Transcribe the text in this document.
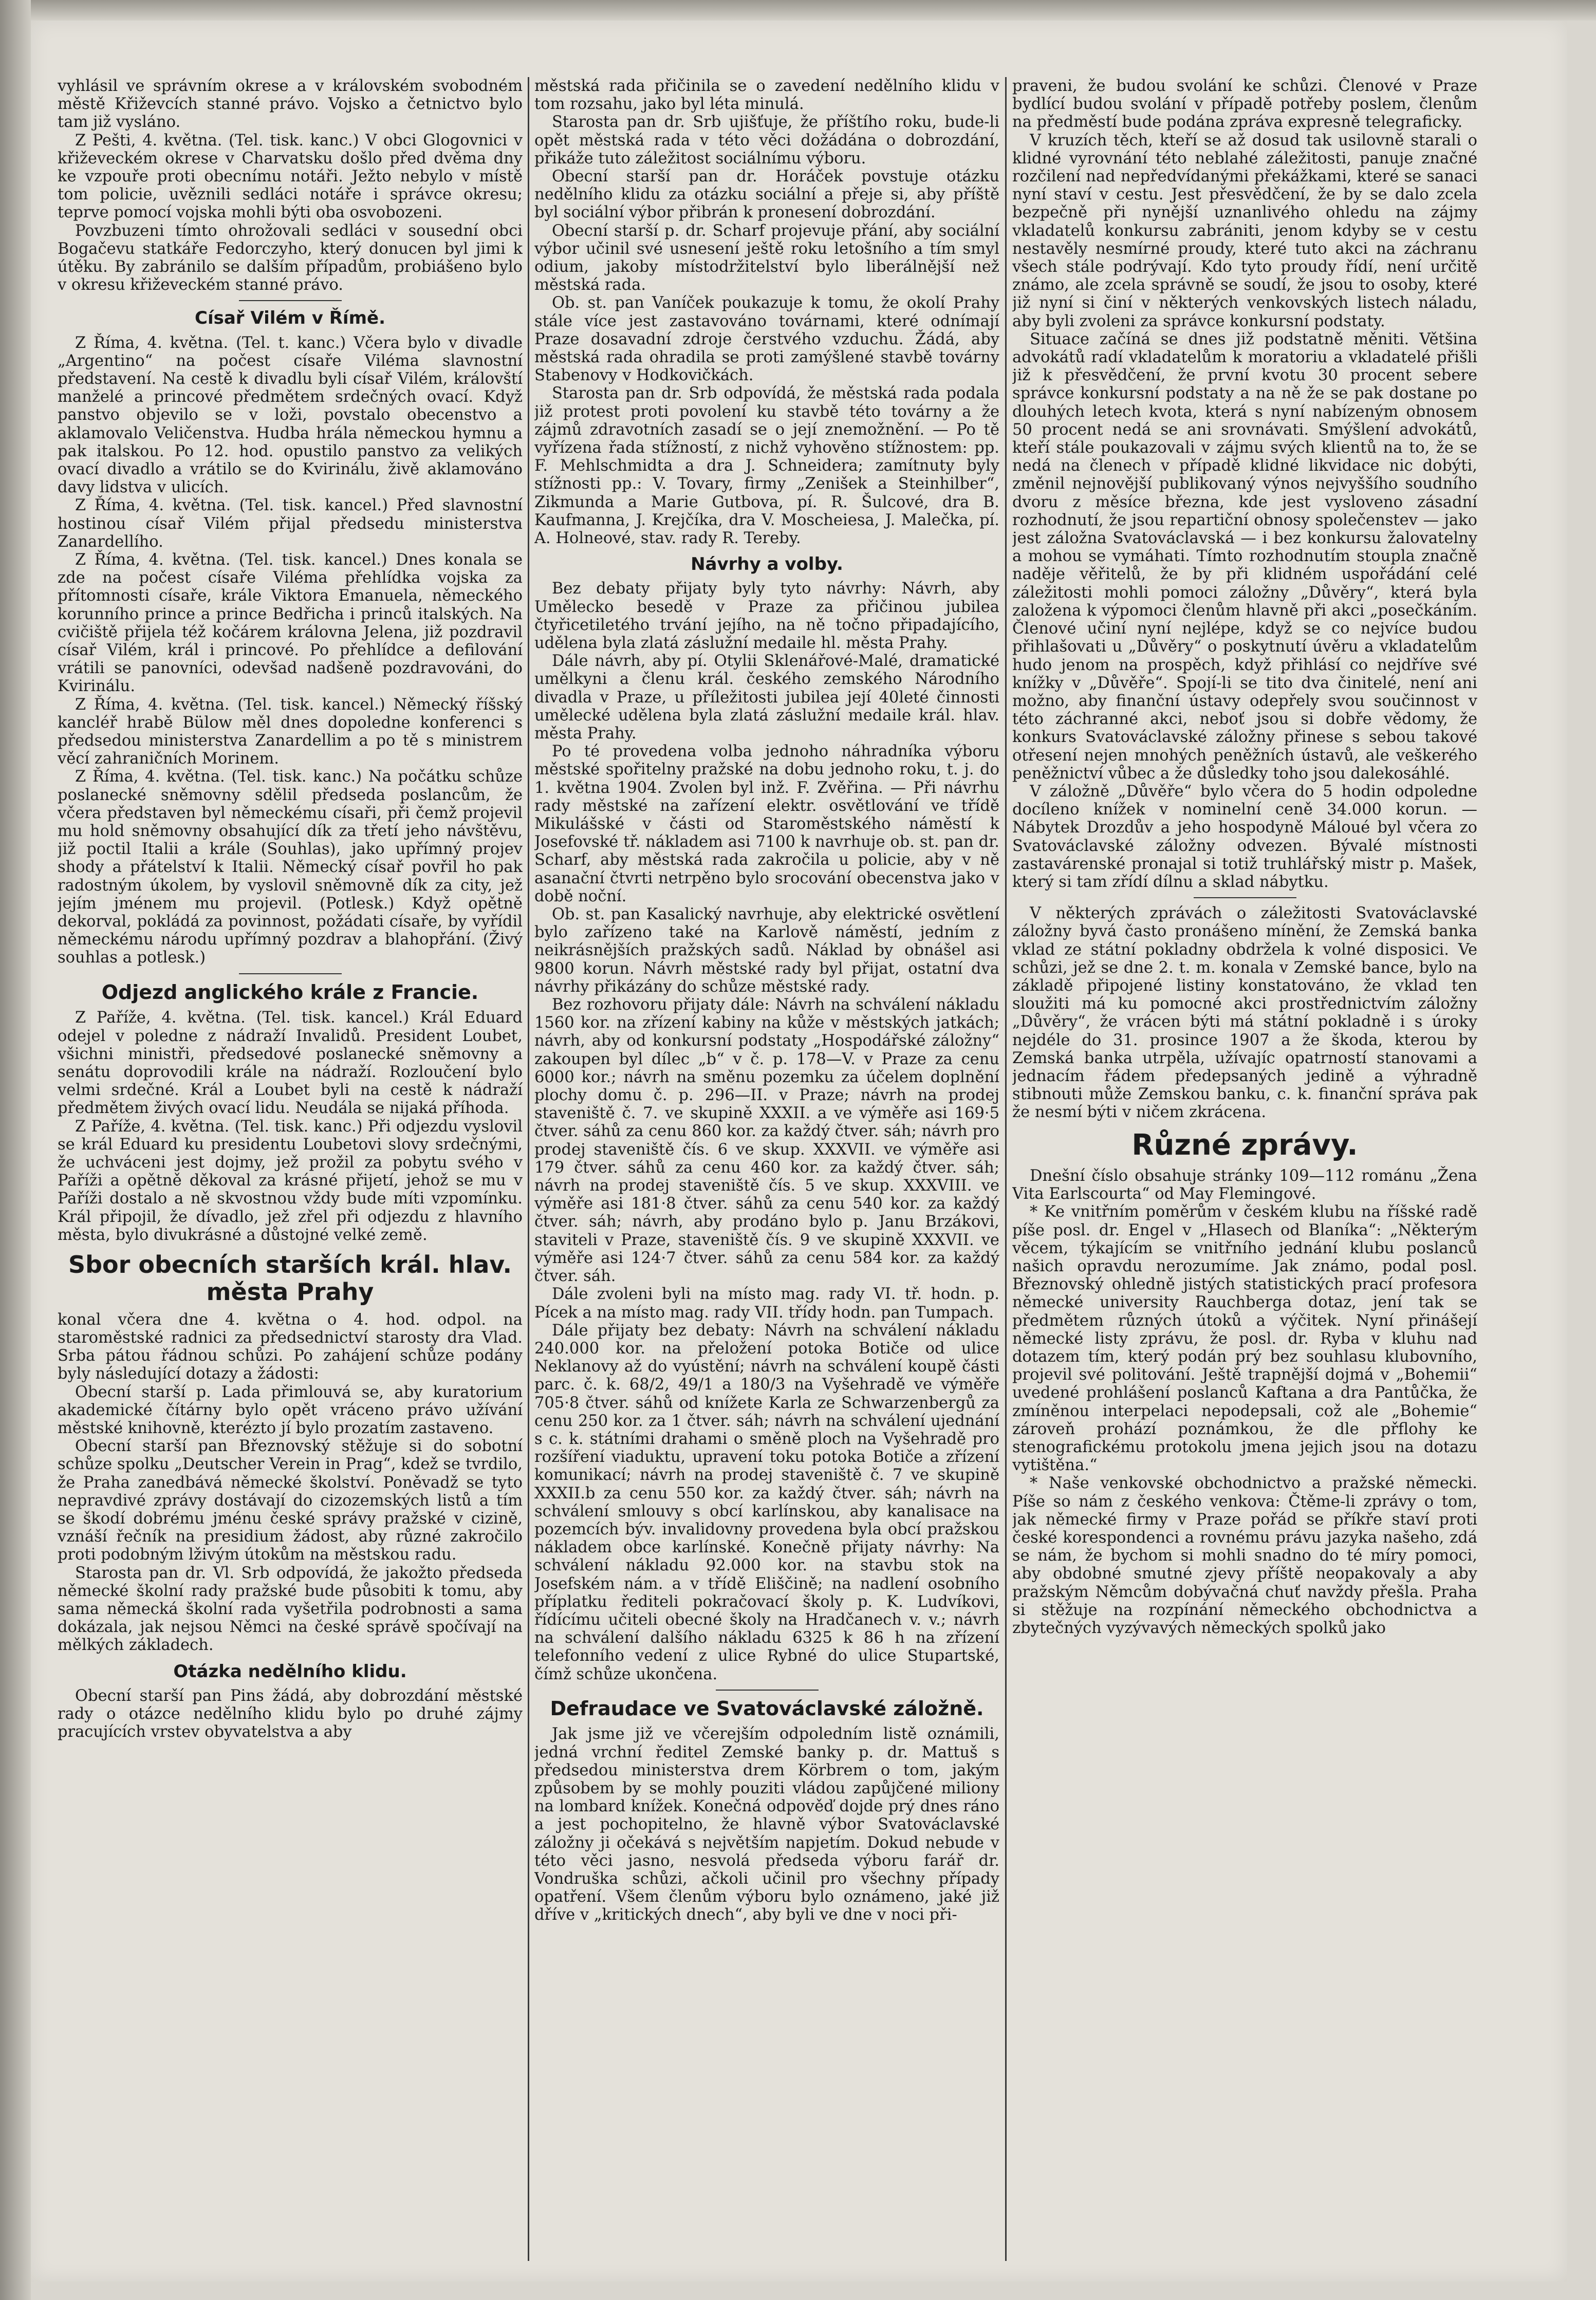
vyhlásil ve správním okrese a v královském svobodném městě Křiževcích stanné právo. Vojsko a četnictvo bylo tam již vysláno.

Z Pešti, 4. května. (Tel. tisk. kanc.) V obci Glogovnici v křiževeckém okrese v Charvatsku došlo před dvěma dny ke vzpouře proti obecnímu notáři. Ježto nebylo v místě tom policie, uvěznili sedláci notáře i správce okresu; teprve pomocí vojska mohli býti oba osvobozeni.

Povzbuzeni tímto ohrožovali sedláci v sousední obci Bogačevu statkáře Fedorczyho, který donucen byl jimi k útěku. By zabránilo se dalším případům, probiášeno bylo v okresu křiževeckém stanné právo.

Císař Vilém v Římě.

Z Říma, 4. května. (Tel. t. kanc.) Včera bylo v divadle „Argentino“ na počest císaře Viléma slavnostní představení. Na cestě k divadlu byli císař Vilém, královští manželé a princové předmětem srdečných ovací. Když panstvo objevilo se v loži, povstalo obecenstvo a aklamovalo Veličenstva. Hudba hrála německou hymnu a pak italskou. Po 12. hod. opustilo panstvo za velikých ovací divadlo a vrátilo se do Kvirinálu, živě aklamováno davy lidstva v ulicích.

Z Říma, 4. května. (Tel. tisk. kancel.) Před slavnostní hostinou císař Vilém přijal předsedu ministerstva Zanardellího.

Z Říma, 4. května. (Tel. tisk. kancel.) Dnes konala se zde na počest císaře Viléma přehlídka vojska za přítomnosti císaře, krále Viktora Emanuela, německého korunního prince a prince Bedřicha i princů italských. Na cvičiště přijela též kočárem královna Jelena, již pozdravil císař Vilém, král i princové. Po přehlídce a defilování vrátili se panovníci, odevšad nadšeně pozdravováni, do Kvirinálu.

Z Říma, 4. května. (Tel. tisk. kancel.) Německý říšský kancléř hrabě Bülow měl dnes dopoledne konferenci s předsedou ministerstva Zanardellim a po tě s ministrem věcí zahraničních Morinem.

Z Říma, 4. května. (Tel. tisk. kanc.) Na počátku schůze poslanecké sněmovny sdělil předseda poslancům, že včera představen byl německému císaři, při čemž projevil mu hold sněmovny obsahující dík za třetí jeho návštěvu, již poctil Italii a krále (Souhlas), jako upřímný projev shody a přátelství k Italii. Německý císař povřil ho pak radostným úkolem, by vyslovil sněmovně dík za city, jež jejím jménem mu projevil. (Potlesk.) Když opětně dekorval, pokládá za povinnost, požádati císaře, by vyřídil německému národu upřímný pozdrav a blahopřání. (Živý souhlas a potlesk.)

Odjezd anglického krále z Francie.

Z Paříže, 4. května. (Tel. tisk. kancel.) Král Eduard odejel v poledne z nádraží Invalidů. President Loubet, všichni ministři, předsedové poslanecké sněmovny a senátu doprovodili krále na nádraží. Rozloučení bylo velmi srdečné. Král a Loubet byli na cestě k nádraží předmětem živých ovací lidu. Neudála se nijaká příhoda.

Z Paříže, 4. května. (Tel. tisk. kanc.) Při odjezdu vyslovil se král Eduard ku presidentu Loubetovi slovy srdečnými, že uchváceni jest dojmy, jež prožil za pobytu svého v Paříži a opětně děkoval za krásné přijetí, jehož se mu v Paříži dostalo a ně skvostnou vždy bude míti vzpomínku. Král připojil, že dívadlo, jež zřel při odjezdu z hlavního města, bylo divukrásné a důstojné velké země.

Sbor obecních starších král. hlav. města Prahy

konal včera dne 4. května o 4. hod. odpol. na staroměstské radnici za předsednictví starosty dra Vlad. Srba pátou řádnou schůzi. Po zahájení schůze podány byly následující dotazy a žádosti:

Obecní starší p. Lada přimlouvá se, aby kuratorium akademické čítárny bylo opět vráceno právo užívání městské knihovně, kterézto jí bylo prozatím zastaveno.

Obecní starší pan Březnovský stěžuje si do sobotní schůze spolku „Deutscher Verein in Prag“, kdež se tvrdilo, že Praha zanedbává německé školství. Poněvadž se tyto nepravdivé zprávy dostávají do cizozemských listů a tím se škodí dobrému jménu české správy pražské v cizině, vznáší řečník na presidium žádost, aby různé zakročilo proti podobným lživým útokům na městskou radu.

Starosta pan dr. Vl. Srb odpovídá, že jakožto předseda německé školní rady pražské bude působiti k tomu, aby sama německá školní rada vyšetřila podrobnosti a sama dokázala, jak nejsou Němci na české správě spočívají na mělkých základech.

Otázka nedělního klidu.

Obecní starší pan Pins žádá, aby dobrozdání městské rady o otázce nedělního klidu bylo po druhé zájmy pracujících vrstev obyvatelstva a aby

městská rada přičinila se o zavedení nedělního klidu v tom rozsahu, jako byl léta minulá.

Starosta pan dr. Srb ujišťuje, že příštího roku, bude-li opět městská rada v této věci dožádána o dobrozdání, přikáže tuto záležitost sociálnímu výboru.

Obecní starší pan dr. Horáček povstuje otázku nedělního klidu za otázku sociální a přeje si, aby příště byl sociální výbor přibrán k pronesení dobrozdání.

Obecní starší p. dr. Scharf projevuje přání, aby sociální výbor učinil své usnesení ještě roku letošního a tím smyl odium, jakoby místodržitelství bylo liberálnější než městská rada.

Ob. st. pan Vaníček poukazuje k tomu, že okolí Prahy stále více jest zastavováno továrnami, které odnímají Praze dosavadní zdroje čerstvého vzduchu. Žádá, aby městská rada ohradila se proti zamýšlené stavbě továrny Stabenovy v Hodkovičkách.

Starosta pan dr. Srb odpovídá, že městská rada podala již protest proti povolení ku stavbě této továrny a že zájmů zdravotních zasadí se o její znemožnění. — Po tě vyřízena řada stížností, z nichž vyhověno stížnostem: pp. F. Mehlschmidta a dra J. Schneidera; zamítnuty byly stížnosti pp.: V. Tovary, firmy „Zenišek a Steinhilber“, Zikmunda a Marie Gutbova, pí. R. Šulcové, dra B. Kaufmanna, J. Krejčíka, dra V. Moscheiesa, J. Malečka, pí. A. Holneové, stav. rady R. Tereby.

Návrhy a volby.

Bez debaty přijaty byly tyto návrhy: Návrh, aby Umělecko besedě v Praze za přičinou jubilea čtyřicetiletého trvání jejího, na ně točno připadajícího, udělena byla zlatá záslužní medaile hl. města Prahy.

Dále návrh, aby pí. Otylii Sklenářové-Malé, dramatické umělkyni a členu král. českého zemského Národního divadla v Praze, u příležitosti jubilea její 40leté činnosti umělecké udělena byla zlatá záslužní medaile král. hlav. města Prahy.

Po té provedena volba jednoho náhradníka výboru městské spořitelny pražské na dobu jednoho roku, t. j. do 1. května 1904. Zvolen byl inž. F. Zvěřina. — Při návrhu rady městské na zařízení elektr. osvětlování ve třídě Mikulášské v části od Staroměstského náměstí k Josefovské tř. nákladem asi 7100 k navrhuje ob. st. pan dr. Scharf, aby městská rada zakročila u policie, aby v ně asanační čtvrti netrpěno bylo srocování obecenstva jako v době noční.

Ob. st. pan Kasalický navrhuje, aby elektrické osvětlení bylo zařízeno také na Karlově náměstí, jedním z neikrásnějších pražských sadů. Náklad by obnášel asi 9800 korun. Návrh městské rady byl přijat, ostatní dva návrhy přikázány do schůze městské rady.

Bez rozhovoru přijaty dále: Návrh na schválení nákladu 1560 kor. na zřízení kabiny na kůže v městských jatkách; návrh, aby od konkursní podstaty „Hospodářské záložny“ zakoupen byl dílec „b“ v č. p. 178—V. v Praze za cenu 6000 kor.; návrh na směnu pozemku za účelem doplnění plochy domu č. p. 296—II. v Praze; návrh na prodej staveniště č. 7. ve skupině XXXII. a ve výměře asi 169·5 čtver. sáhů za cenu 860 kor. za každý čtver. sáh; návrh pro prodej staveniště čís. 6 ve skup. XXXVII. ve výměře asi 179 čtver. sáhů za cenu 460 kor. za každý čtver. sáh; návrh na prodej staveniště čís. 5 ve skup. XXXVIII. ve výměře asi 181·8 čtver. sáhů za cenu 540 kor. za každý čtver. sáh; návrh, aby prodáno bylo p. Janu Brzákovi, staviteli v Praze, staveniště čís. 9 ve skupině XXXVII. ve výměře asi 124·7 čtver. sáhů za cenu 584 kor. za každý čtver. sáh.

Dále zvoleni byli na místo mag. rady VI. tř. hodn. p. Pícek a na místo mag. rady VII. třídy hodn. pan Tumpach.

Dále přijaty bez debaty: Návrh na schválení nákladu 240.000 kor. na přeložení potoka Botiče od ulice Neklanovy až do vyústění; návrh na schválení koupě části parc. č. k. 68/2, 49/1 a 180/3 na Vyšehradě ve výměře 705·8 čtver. sáhů od knížete Karla ze Schwarzenbergů za cenu 250 kor. za 1 čtver. sáh; návrh na schválení ujednání s c. k. státními drahami o směně ploch na Vyšehradě pro rozšíření viaduktu, upravení toku potoka Botiče a zřízení komunikací; návrh na prodej staveniště č. 7 ve skupině XXXII.b za cenu 550 kor. za každý čtver. sáh; návrh na schválení smlouvy s obcí karlínskou, aby kanalisace na pozemcích býv. invalidovny provedena byla obcí pražskou nákladem obce karlínské. Konečně přijaty návrhy: Na schválení nákladu 92.000 kor. na stavbu stok na Josefském nám. a v třídě Eliščině; na nadlení osobního příplatku řediteli pokračovací školy p. K. Ludvíkovi, řídícímu učiteli obecné školy na Hradčanech v. v.; návrh na schválení dalšího nákladu 6325 k 86 h na zřízení telefonního vedení z ulice Rybné do ulice Stupartské, čímž schůze ukončena.

Defraudace ve Svatováclavské záložně.

Jak jsme již ve včerejším odpoledním listě oznámili, jedná vrchní ředitel Zemské banky p. dr. Mattuš s předsedou ministerstva drem Körbrem o tom, jakým způsobem by se mohly pouziti vládou zapůjčené miliony na lombard knížek. Konečná odpověď dojde prý dnes ráno a jest pochopitelno, že hlavně výbor Svatováclavské záložny ji očekává s největším napjetím. Dokud nebude v této věci jasno, nesvolá předseda výboru farář dr. Vondruška schůzi, ačkoli učinil pro všechny případy opatření. Všem členům výboru bylo oznámeno, jaké již dříve v „kritických dnech“, aby byli ve dne v noci při-

praveni, že budou svolání ke schůzi. Členové v Praze bydlící budou svolání v případě potřeby poslem, členům na předměstí bude podána zpráva expresně telegraficky.

V kruzích těch, kteří se až dosud tak usilovně starali o klidné vyrovnání této neblahé záležitosti, panuje značné rozčilení nad nepředvídanými překážkami, které se sanaci nyní staví v cestu. Jest přesvědčení, že by se dalo zcela bezpečně při nynější uznanlivého ohledu na zájmy vkladatelů konkursu zabrániti, jenom kdyby se v cestu nestavěly nesmírné proudy, které tuto akci na záchranu všech stále podrývají. Kdo tyto proudy řídí, není určitě známo, ale zcela správně se soudí, že jsou to osoby, které již nyní si činí v některých venkovských listech náladu, aby byli zvoleni za správce konkursní podstaty.

Situace začíná se dnes již podstatně měniti. Většina advokátů radí vkladatelům k moratoriu a vkladatelé přišli již k přesvědčení, že první kvotu 30 procent sebere správce konkursní podstaty a na ně že se pak dostane po dlouhých letech kvota, která s nyní nabízeným obnosem 50 procent nedá se ani srovnávati. Smýšlení advokátů, kteří stále poukazovali v zájmu svých klientů na to, že se nedá na členech v případě klidné likvidace nic dobýti, změnil nejnovější publikovaný výnos nejvyššího soudního dvoru z měsíce března, kde jest vysloveno zásadní rozhodnutí, že jsou repartiční obnosy společenstev — jako jest záložna Svatováclavská — i bez konkursu žalovatelny a mohou se vymáhati. Tímto rozhodnutím stoupla značně naděje věřitelů, že by při klidném uspořádání celé záležitosti mohli pomoci záložny „Důvěry“, která byla založena k výpomoci členům hlavně při akci „posečkáním. Členové učiní nyní nejlépe, když se co nejvíce budou přihlašovati u „Důvěry“ o poskytnutí úvěru a vkladatelům hudo jenom na prospěch, když přihlásí co nejdříve své knížky v „Důvěře“. Spojí-li se tito dva činitelé, není ani možno, aby finanční ústavy odepřely svou součinnost v této záchranné akci, neboť jsou si dobře vědomy, že konkurs Svatováclavské záložny přinese s sebou takové otřesení nejen mnohých peněžních ústavů, ale veškerého peněžnictví vůbec a že důsledky toho jsou dalekosáhlé.

V záložně „Důvěře“ bylo včera do 5 hodin odpoledne docíleno knížek v nominelní ceně 34.000 korun. — Nábytek Drozdův a jeho hospodyně Máloué byl včera zo Svatováclavské záložny odvezen. Bývalé místnosti zastavárenské pronajal si totiž truhlářský mistr p. Mašek, který si tam zřídí dílnu a sklad nábytku.

V některých zprávách o záležitosti Svatováclavské záložny byvá často pronášeno mínění, že Zemská banka vklad ze státní pokladny obdržela k volné disposici. Ve schůzi, jež se dne 2. t. m. konala v Zemské bance, bylo na základě připojené listiny konstatováno, že vklad ten sloužiti má ku pomocné akci prostřednictvím záložny „Důvěry“, že vrácen býti má státní pokladně i s úroky nejdéle do 31. prosince 1907 a že škoda, kterou by Zemská banka utrpěla, užívajíc opatrností stanovami a jednacím řádem předepsaných jedině a výhradně stibnouti může Zemskou banku, c. k. finanční správa pak že nesmí býti v ničem zkrácena.

Různé zprávy.

Dnešní číslo obsahuje stránky 109—112 románu „Žena Vita Earlscourta“ od May Flemingové.

* Ke vnitřním poměrům v českém klubu na říšské radě píše posl. dr. Engel v „Hlasech od Blaníka“: „Některým věcem, týkajícím se vnitřního jednání klubu poslanců našich opravdu nerozumíme. Jak známo, podal posl. Březnovský ohledně jistých statistických prací profesora německé university Rauchberga dotaz, jení tak se předmětem různých útoků a výčitek. Nyní přinášejí německé listy zprávu, že posl. dr. Ryba v kluhu nad dotazem tím, který podán prý bez souhlasu klubovního, projevil své politování. Ještě trapnější dojmá v „Bohemii“ uvedené prohlášení poslanců Kaftana a dra Pantůčka, že zmíněnou interpelaci nepodepsali, což ale „Bohemie“ zároveň prohází poznámkou, že dle přflohy ke stenografickému protokolu jmena jejich jsou na dotazu vytištěna.“

* Naše venkovské obchodnictvo a pražské německi. Píše so nám z českého venkova: Čtěme-li zprávy o tom, jak německé firmy v Praze pořád se příkře staví proti české korespondenci a rovnému právu jazyka našeho, zdá se nám, že bychom si mohli snadno do té míry pomoci, aby obdobné smutné zjevy příště neopakovaly a aby pražským Němcům dobývačná chuť navždy přešla. Praha si stěžuje na rozpínání německého obchodnictva a zbytečných vyzývavých německých spolků jako
